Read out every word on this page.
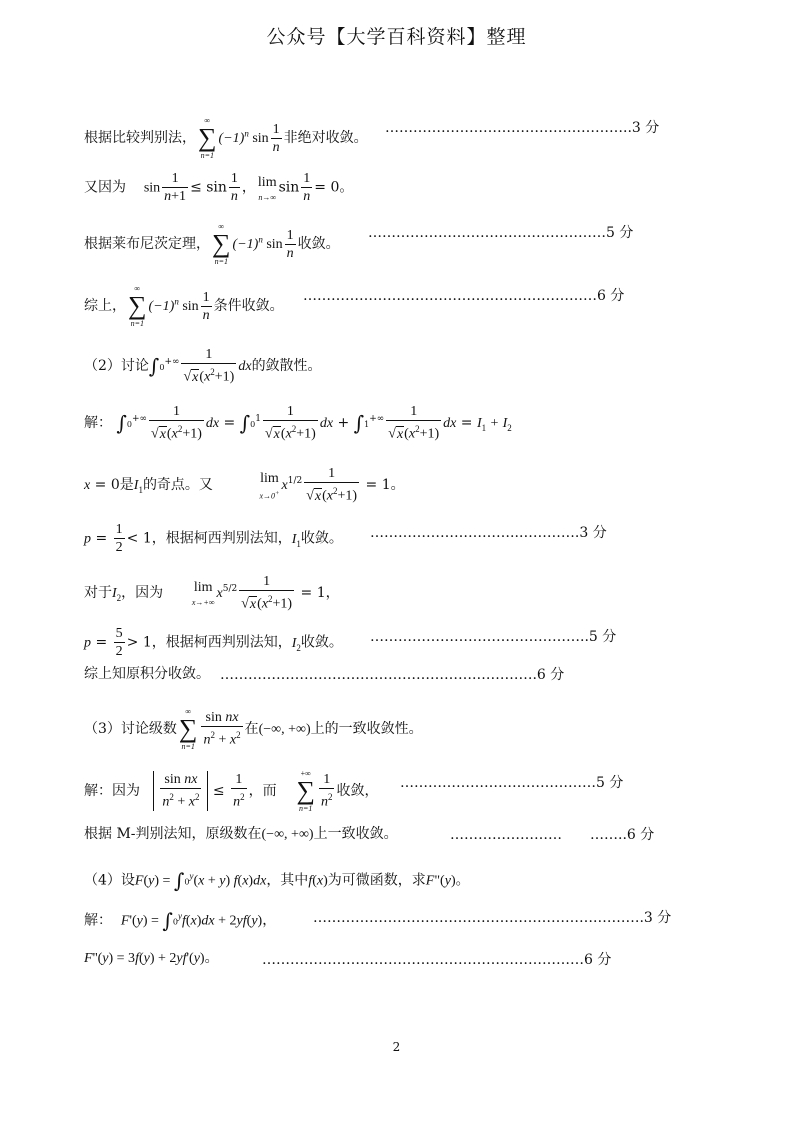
公众号【大学百科资料】整理
根据比较判别法，
∞
∑
n=1
$(-1)^n$ $\sin \frac{1}{n}$ 非绝对收敛。
……………………………………………..3 分
又因为 $\sin \frac{1}{n+1} \le \sin \frac{1}{n}$ ， lim
n→∞
$\sin \frac{1}{n} = 0$。
根据莱布尼茨定理，
∞
∑
n=1
$(-1)^n$ $\sin \frac{1}{n}$ 收敛。
……………………………………………5 分
综上，
∞
∑
n=1
$(-1)^n$ $\sin \frac{1}{n}$ 条件收敛。
………………………………………………………6 分
（2）讨论$\int 0^{+\infty} \frac{1}{√x(x^2+1)}$ dx的敛散性。
解： $\int 0^{+\infty} \frac{1}{√x(x^2+1)}$ dx = $\int 0^1 \frac{1}{√x(x^2+1)}$ dx + $\int 1^{+\infty} \frac{1}{√x(x^2+1)}$ dx = $I_1 + I_2$
x = 0是$I_1$的奇点。又	lim
x→0+
$x^{1/2} \frac{1}{√x(x^2+1)} = 1$。
$p = \frac{1}{2} < 1$，根据柯西判别法知，$I_1$收敛。 …………………………..………….3 分
对于$I_2$，因为 lim
x→+∞
$x^{5/2} \frac{1}{√x(x^2+1)} = 1$，
$p = \frac{5}{2} > 1$，根据柯西判别法知，$I_2$收敛。 ………………………………………..5 分
综上知原积分收敛。 ……………………………………………….………….6 分
（3）讨论级数
∞
∑
$n=1 \frac{\text{sin nx}}{n^2 + x^2}$ 在(−∞, +∞)上的一致收敛性。
解：因为 $\frac{\text{sin nx}}{n^2 + x^2} \le \frac{1}{n^2}$ ，而
+∞
∑
$n=1 \frac{1}{n^2}$ 收敛， ……………………………………5 分
根据 M-判别法知，原级数在(−∞, +∞)上一致收敛。	……………………　　……..6 分
（4）设$F(y) = \int 0^y(x + y)$ f(x)dx，其中f(x)为可微函数，求F"(y)。
解： $F'(y) = \int 0^yf(x)dx + 2yf(y)$，	…………………………………………………….……….3 分
F''(y) = 3f(y) + 2yf'(y)。	……………………………………………………………6 分
2
